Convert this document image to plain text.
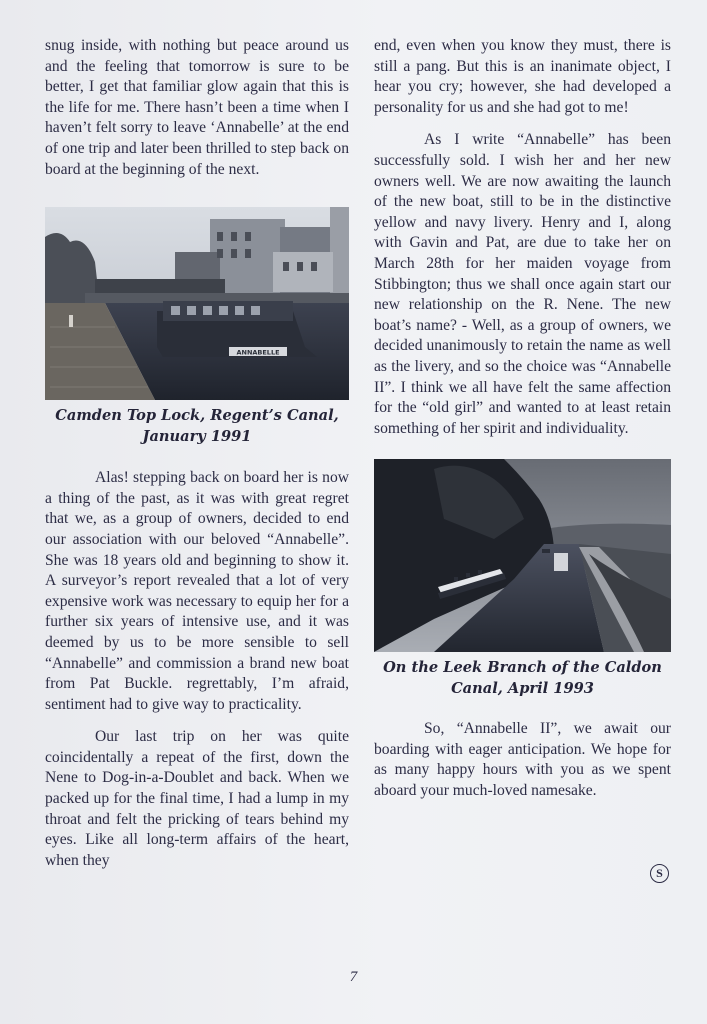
snug inside, with nothing but peace around us and the feeling that tomorrow is sure to be better, I get that familiar glow again that this is the life for me. There hasn’t been a time when I haven’t felt sorry to leave ‘Annabelle’ at the end of one trip and later been thrilled to step back on board at the beginning of the next.

ANNABELLE
Camden Top Lock, Regent’s Canal, January 1991

Alas! stepping back on board her is now a thing of the past, as it was with great regret that we, as a group of owners, decided to end our association with our beloved “Annabelle”. She was 18 years old and beginning to show it. A surveyor’s report revealed that a lot of very expensive work was necessary to equip her for a further six years of intensive use, and it was deemed by us to be more sensible to sell “Annabelle” and commission a brand new boat from Pat Buckle. regrettably, I’m afraid, sentiment had to give way to practicality.

Our last trip on her was quite coincidentally a repeat of the first, down the Nene to Dog-in-a-Doublet and back. When we packed up for the final time, I had a lump in my throat and felt the pricking of tears behind my eyes. Like all long-term affairs of the heart, when they

end, even when you know they must, there is still a pang. But this is an inanimate object, I hear you cry; however, she had developed a personality for us and she had got to me!

As I write “Annabelle” has been successfully sold. I wish her and her new owners well. We are now awaiting the launch of the new boat, still to be in the distinctive yellow and navy livery. Henry and I, along with Gavin and Pat, are due to take her on March 28th for her maiden voyage from Stibbington; thus we shall once again start our new relationship on the R. Nene. The new boat’s name? - Well, as a group of owners, we decided unanimously to retain the name as well as the livery, and so the choice was “Annabelle II”. I think we all have felt the same affection for the “old girl” and wanted to at least retain something of her spirit and individuality.

On the Leek Branch of the Caldon Canal, April 1993

So, “Annabelle II”, we await our boarding with eager anticipation. We hope for as many happy hours with you as we spent aboard your much-loved namesake.

S
7
